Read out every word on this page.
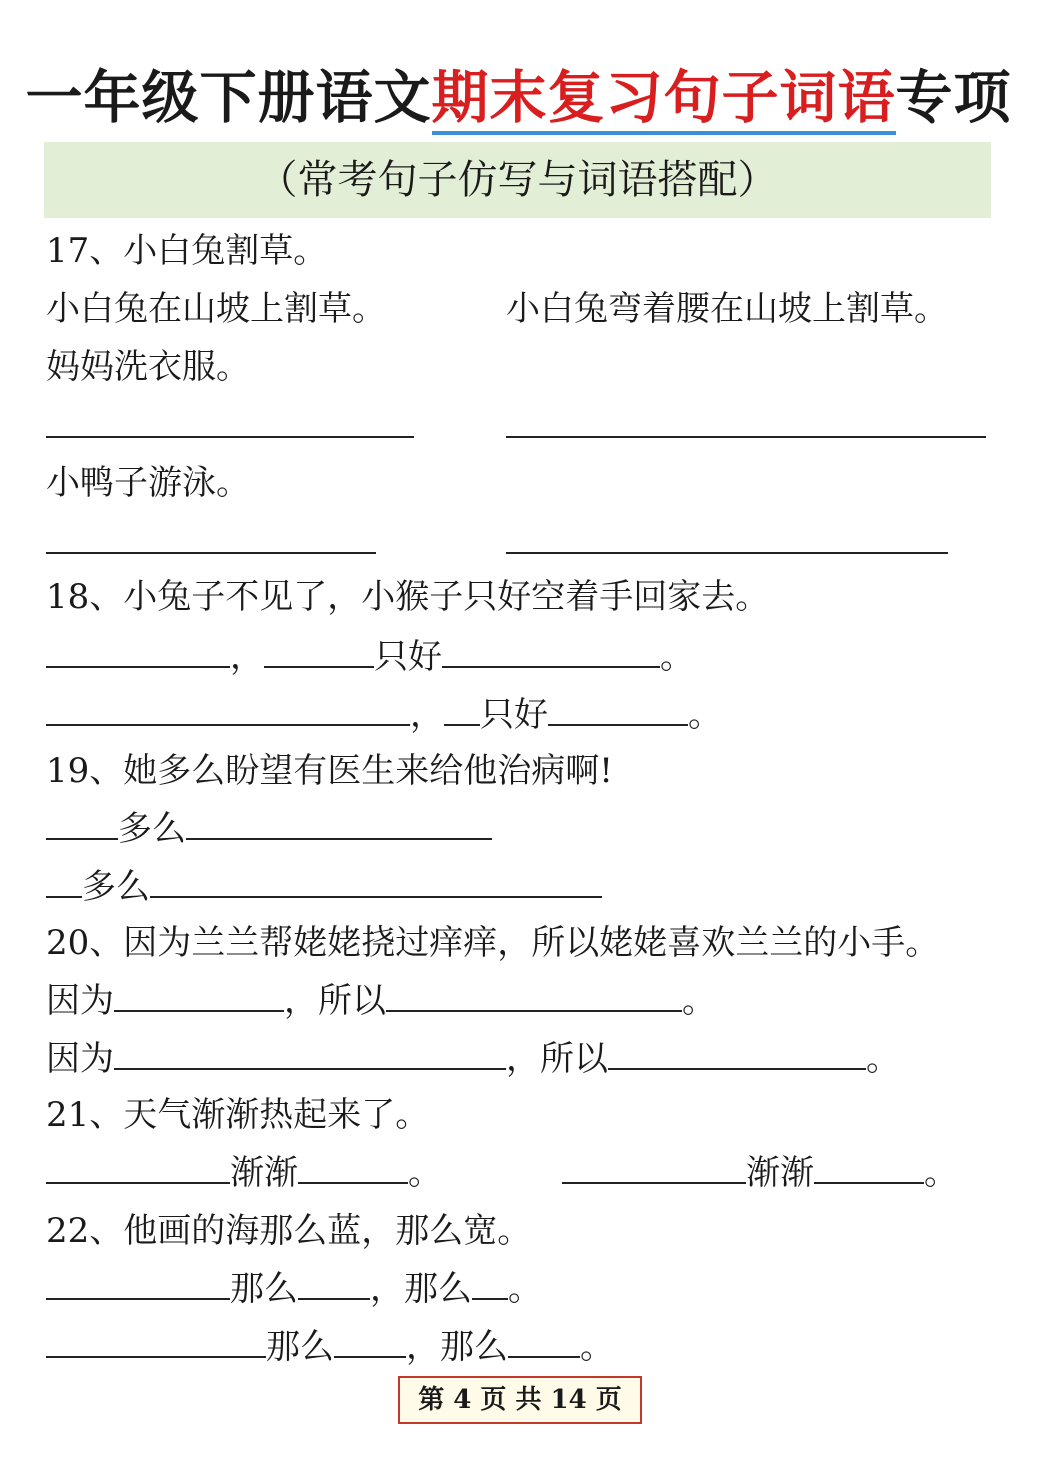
一年级下册语文期末复习句子词语专项
（常考句子仿写与词语搭配）
17、小白兔割草。
小白兔在山坡上割草。	小白兔弯着腰在山坡上割草。
妈妈洗衣服。
小鸭子游泳。
18、小兔子不见了，小猴子只好空着手回家去。
，	只好	。
， 只好	。
19、她多么盼望有医生来给他治病啊!
多么
多么
20、因为兰兰帮姥姥挠过痒痒，所以姥姥喜欢兰兰的小手。
因为	，所以	。
因为	，所以	。
21、天气渐渐热起来了。
渐渐	。	渐渐	。
22、他画的海那么蓝，那么宽。
那么 ，那么 。
那么 ，那么 。
第 4 页 共 14 页
